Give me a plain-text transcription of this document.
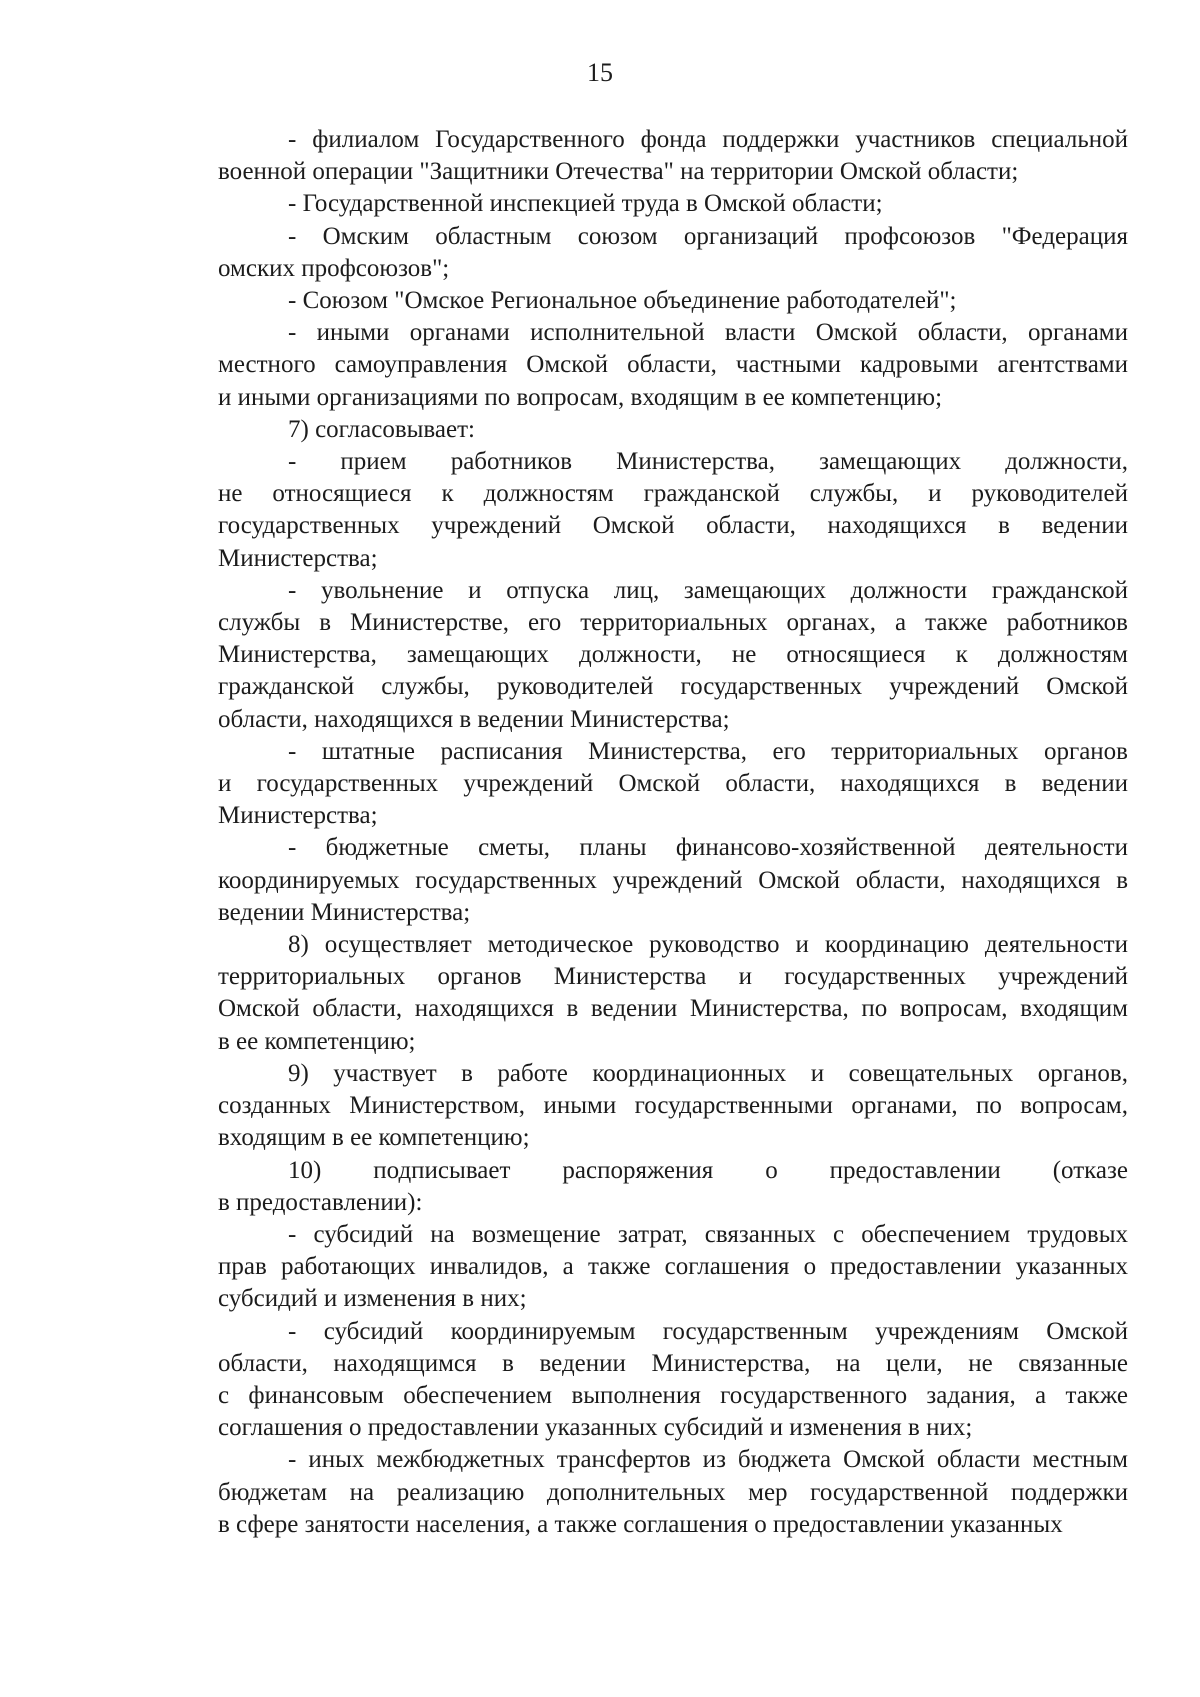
15
- филиалом Государственного фонда поддержки участников специальной
военной операции "Защитники Отечества" на территории Омской области;
- Государственной инспекцией труда в Омской области;
- Омским областным союзом организаций профсоюзов "Федерация
омских профсоюзов";
- Союзом "Омское Региональное объединение работодателей";
- иными органами исполнительной власти Омской области, органами
местного самоуправления Омской области, частными кадровыми агентствами
и иными организациями по вопросам, входящим в ее компетенцию;
7) согласовывает:
- прием работников Министерства, замещающих должности,
не относящиеся к должностям гражданской службы, и руководителей
государственных учреждений Омской области, находящихся в ведении
Министерства;
- увольнение и отпуска лиц, замещающих должности гражданской
службы в Министерстве, его территориальных органах, а также работников
Министерства, замещающих должности, не относящиеся к должностям
гражданской службы, руководителей государственных учреждений Омской
области, находящихся в ведении Министерства;
- штатные расписания Министерства, его территориальных органов
и государственных учреждений Омской области, находящихся в ведении
Министерства;
- бюджетные сметы, планы финансово-хозяйственной деятельности
координируемых государственных учреждений Омской области, находящихся в
ведении Министерства;
8) осуществляет методическое руководство и координацию деятельности
территориальных органов Министерства и государственных учреждений
Омской области, находящихся в ведении Министерства, по вопросам, входящим
в ее компетенцию;
9) участвует в работе координационных и совещательных органов,
созданных Министерством, иными государственными органами, по вопросам,
входящим в ее компетенцию;
10) подписывает распоряжения о предоставлении (отказе
в предоставлении):
- субсидий на возмещение затрат, связанных с обеспечением трудовых
прав работающих инвалидов, а также соглашения о предоставлении указанных
субсидий и изменения в них;
- субсидий координируемым государственным учреждениям Омской
области, находящимся в ведении Министерства, на цели, не связанные
с финансовым обеспечением выполнения государственного задания, а также
соглашения о предоставлении указанных субсидий и изменения в них;
- иных межбюджетных трансфертов из бюджета Омской области местным
бюджетам на реализацию дополнительных мер государственной поддержки
в сфере занятости населения, а также соглашения о предоставлении указанных
